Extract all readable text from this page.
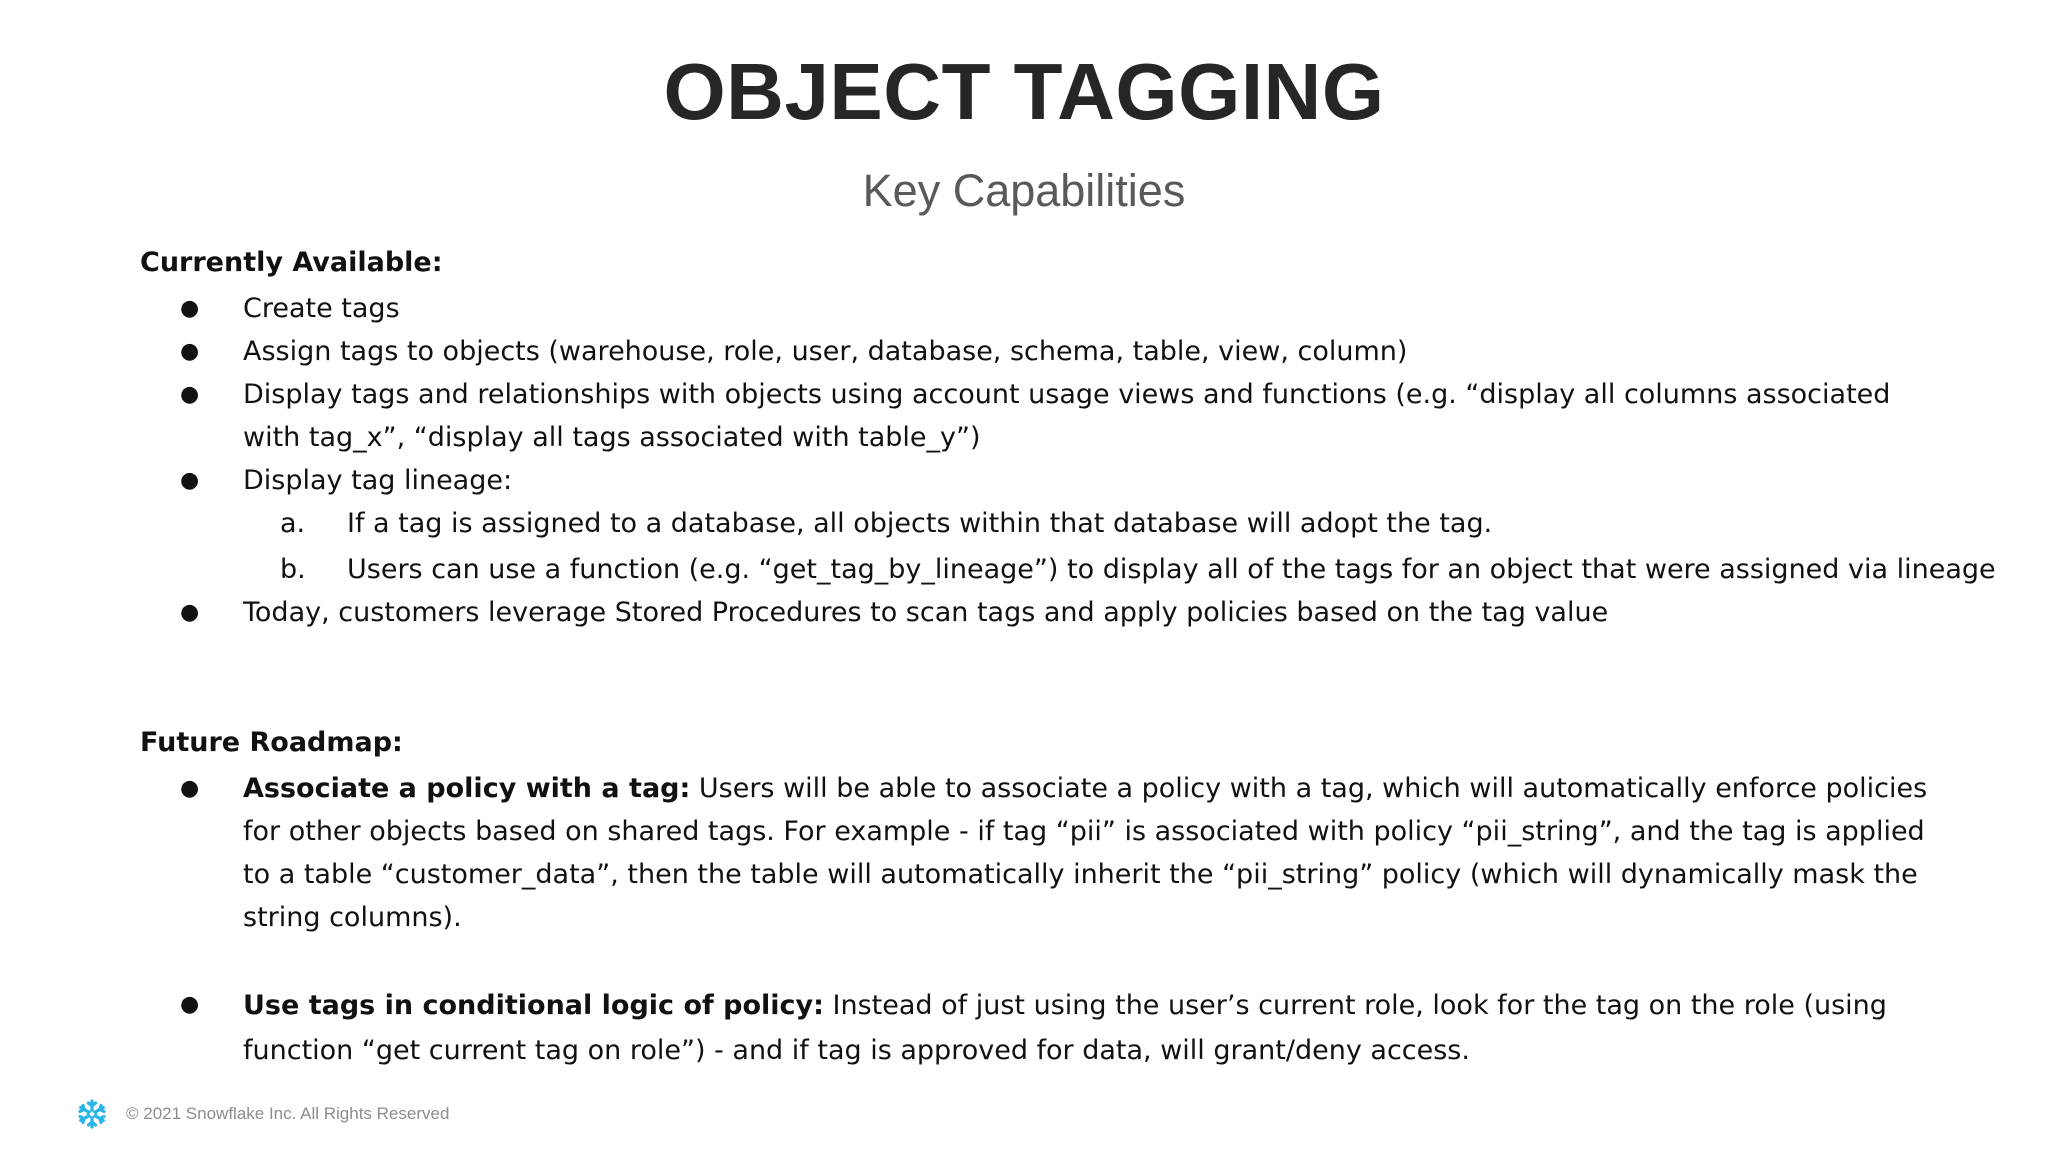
OBJECT TAGGING
Key Capabilities
Currently Available:
● Create tags
● Assign tags to objects (warehouse, role, user, database, schema, table, view, column)
● Display tags and relationships with objects using account usage views and functions (e.g. “display all columns associated with tag_x”, “display all tags associated with table_y”)
● Display tag lineage:
a. If a tag is assigned to a database, all objects within that database will adopt the tag.
b. Users can use a function (e.g. “get_tag_by_lineage”) to display all of the tags for an object that were assigned via lineage
● Today, customers leverage Stored Procedures to scan tags and apply policies based on the tag value
Future Roadmap:
● Associate a policy with a tag: Users will be able to associate a policy with a tag, which will automatically enforce policies for other objects based on shared tags. For example - if tag “pii” is associated with policy “pii_string”, and the tag is applied to a table “customer_data”, then the table will automatically inherit the “pii_string” policy (which will dynamically mask the string columns).
● Use tags in conditional logic of policy: Instead of just using the user’s current role, look for the tag on the role (using function “get current tag on role”) - and if tag is approved for data, will grant/deny access.
© 2021 Snowflake Inc. All Rights Reserved
